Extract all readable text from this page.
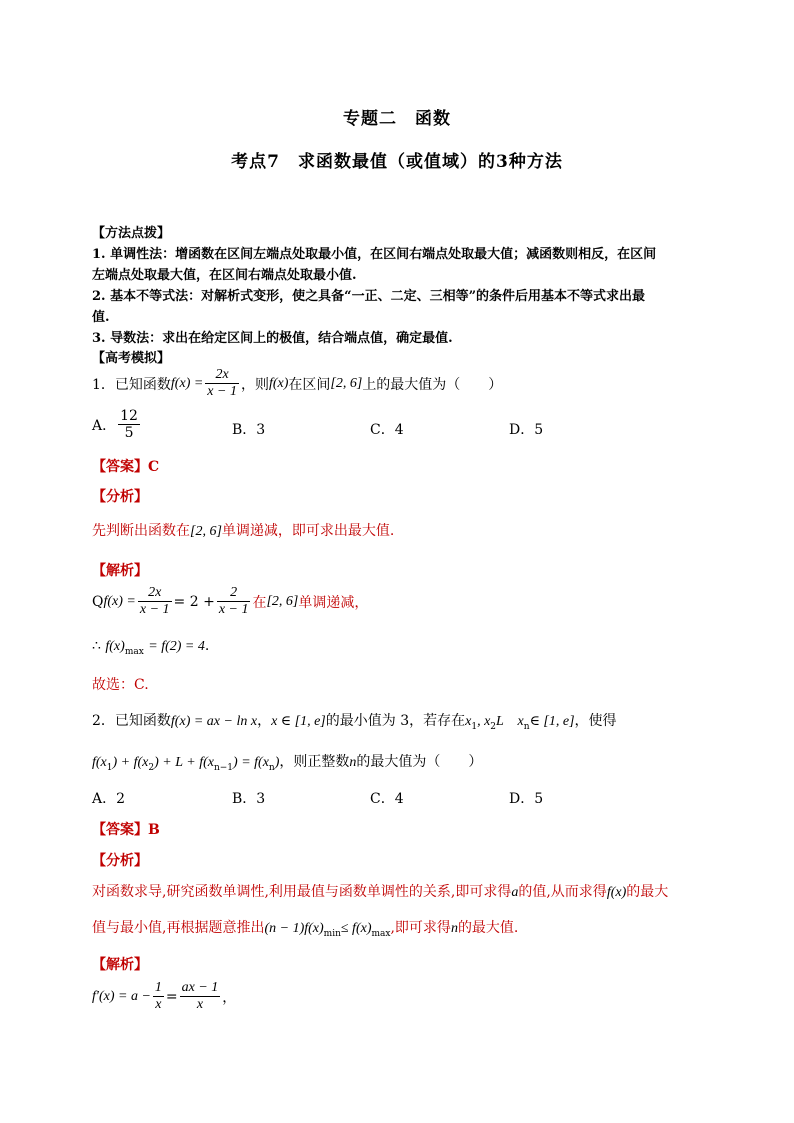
专题二　函数
考点7　求函数最值（或值域）的3种方法
【方法点拨】
1. 单调性法：增函数在区间左端点处取最小值，在区间右端点处取最大值；减函数则相反，在区间
左端点处取最大值，在区间右端点处取最小值.
2. 基本不等式法：对解析式变形，使之具备“一正、二定、三相等”的条件后用基本不等式求出最
值.
3. 导数法：求出在给定区间上的极值，结合端点值，确定最值.
【高考模拟】
1．已知函数 $f(x) = \frac{2x}{x - 1}$ ，则 f(x) 在区间 [2, 6] 上的最大值为（　　）
A． $\frac{12}{5}$	B．3	C．4	D．5
【答案】C
【分析】
先判断出函数在[2, 6]单调递减，即可求出最大值.
【解析】
Q $f(x) = \frac{2x}{x - 1} = 2 + \frac{2}{x - 1}$ 在 [2, 6] 单调递减，
∴ $f(x)_{max} = f(2) = 4$.
故选：C.
2．已知函数f(x) = ax − ln x，x ∈ [1, e]的最小值为 3，若存在$x_1$, $x_2L$　$x_n\in$ [1, e]，使得
$f(x_1) + f(x_2) + L + f(x_{n-1}) = f(x_n)$，则正整数n的最大值为（　　）
A．2	B．3	C．4	D．5
【答案】B
【分析】
对函数求导,研究函数单调性,利用最值与函数单调性的关系,即可求得a的值,从而求得f(x)的最大
值与最小值,再根据题意推出$(n - 1)f(x)_{min}\le f(x)_{max}$,即可求得n的最大值.
【解析】
$f'(x) = a - \frac{1}{x} = \frac{ax - 1}{x}$ ，
